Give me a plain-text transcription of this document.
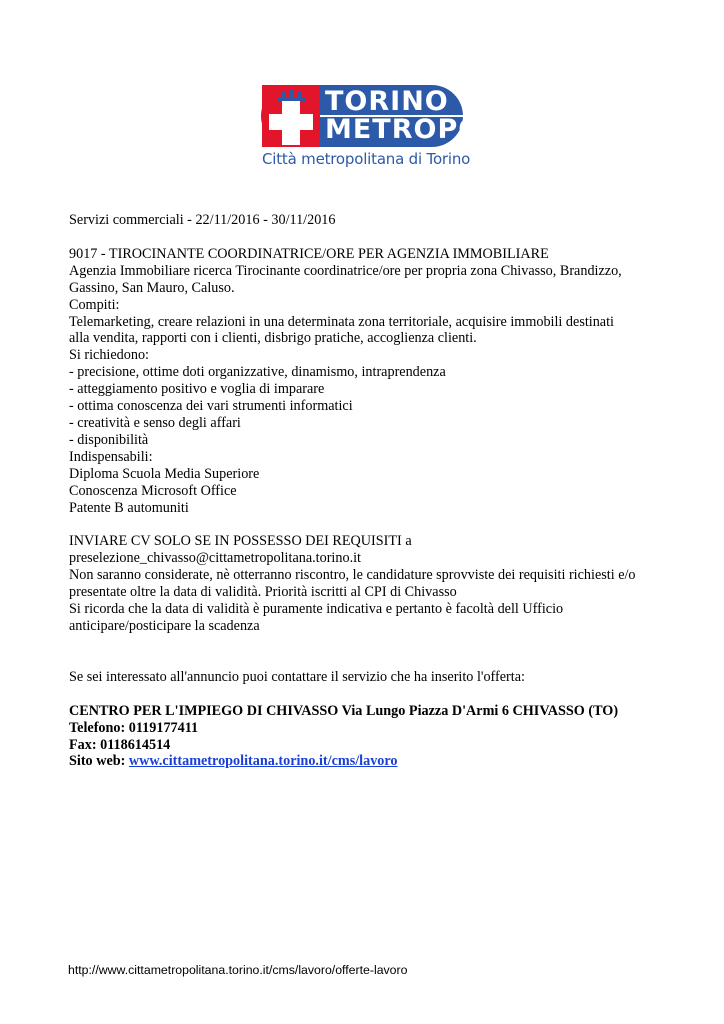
TORINO
METROPOLI
Città metropolitana di Torino

Servizi commerciali - 22/11/2016 - 30/11/2016

9017 - TIROCINANTE COORDINATRICE/ORE PER AGENZIA IMMOBILIARE

Agenzia Immobiliare ricerca Tirocinante coordinatrice/ore per propria zona Chivasso, Brandizzo,

Gassino, San Mauro, Caluso.

Compiti:

Telemarketing, creare relazioni in una determinata zona territoriale, acquisire immobili destinati

alla vendita, rapporti con i clienti, disbrigo pratiche, accoglienza clienti.

Si richiedono:

- precisione, ottime doti organizzative, dinamismo, intraprendenza

- atteggiamento positivo e voglia di imparare

- ottima conoscenza dei vari strumenti informatici

- creatività e senso degli affari

- disponibilità

Indispensabili:

Diploma Scuola Media Superiore

Conoscenza Microsoft Office

Patente B automuniti

INVIARE CV SOLO SE IN POSSESSO DEI REQUISITI a

preselezione_chivasso@cittametropolitana.torino.it

Non saranno considerate, nè otterranno riscontro, le candidature sprovviste dei requisiti richiesti e/o

presentate oltre la data di validità. Priorità iscritti al CPI di Chivasso

Si ricorda che la data di validità è puramente indicativa e pertanto è facoltà dell Ufficio

anticipare/posticipare la scadenza

Se sei interessato all'annuncio puoi contattare il servizio che ha inserito l'offerta:

CENTRO PER L'IMPIEGO DI CHIVASSO Via Lungo Piazza D'Armi 6 CHIVASSO (TO)

Telefono: 0119177411

Fax: 0118614514

Sito web: www.cittametropolitana.torino.it/cms/lavoro

http://www.cittametropolitana.torino.it/cms/lavoro/offerte-lavoro
